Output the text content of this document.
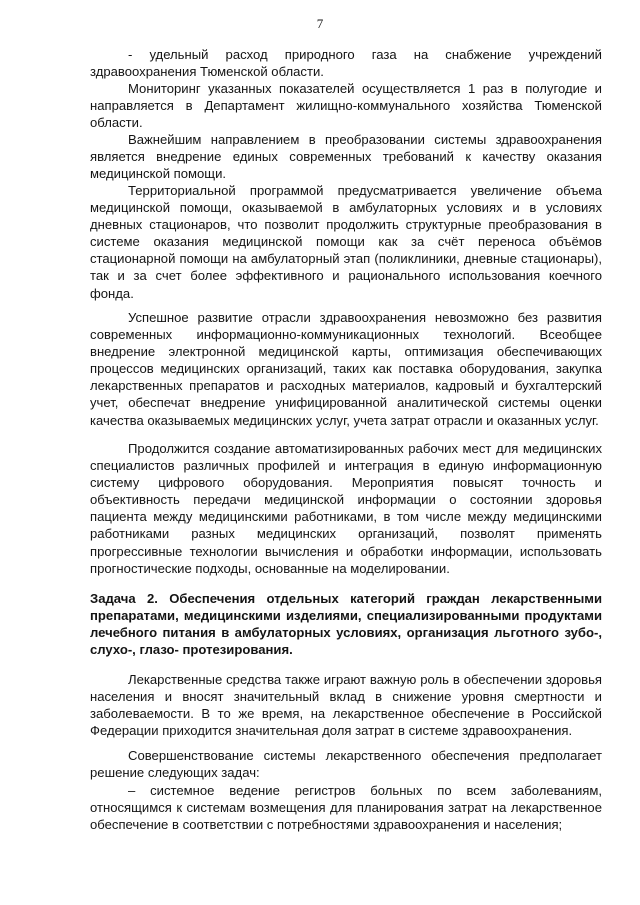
7

- удельный расход природного газа на снабжение учреждений здравоохранения Тюменской области.

Мониторинг указанных показателей осуществляется 1 раз в полугодие и направляется в Департамент жилищно-коммунального хозяйства Тюменской области.

Важнейшим направлением в преобразовании системы здравоохранения является внедрение единых современных требований к качеству оказания медицинской помощи.

Территориальной программой предусматривается увеличение объема медицинской помощи, оказываемой в амбулаторных условиях и в условиях дневных стационаров, что позволит продолжить структурные преобразования в системе оказания медицинской помощи как за счёт переноса объёмов стационарной помощи на амбулаторный этап (поликлиники, дневные стационары), так и за счет более эффективного и рационального использования коечного фонда.

Успешное развитие отрасли здравоохранения невозможно без развития современных информационно-коммуникационных технологий. Всеобщее внедрение электронной медицинской карты, оптимизация обеспечивающих процессов медицинских организаций, таких как поставка оборудования, закупка лекарственных препаратов и расходных материалов, кадровый и бухгалтерский учет, обеспечат внедрение унифицированной аналитической системы оценки качества оказываемых медицинских услуг, учета затрат отрасли и оказанных услуг.

Продолжится создание автоматизированных рабочих мест для медицинских специалистов различных профилей и интеграция в единую информационную систему цифрового оборудования. Мероприятия повысят точность и объективность передачи медицинской информации о состоянии здоровья пациента между медицинскими работниками, в том числе между медицинскими работниками разных медицинских организаций, позволят применять прогрессивные технологии вычисления и обработки информации, использовать прогностические подходы, основанные на моделировании.

Задача 2. Обеспечения отдельных категорий граждан лекарственными препаратами, медицинскими изделиями, специализированными продуктами лечебного питания в амбулаторных условиях, организация льготного зубо-, слухо-, глазо- протезирования.

Лекарственные средства также играют важную роль в обеспечении здоровья населения и вносят значительный вклад в снижение уровня смертности и заболеваемости. В то же время, на лекарственное обеспечение в Российской Федерации приходится значительная доля затрат в системе здравоохранения.

Совершенствование системы лекарственного обеспечения предполагает решение следующих задач:

– системное ведение регистров больных по всем заболеваниям, относящимся к системам возмещения для планирования затрат на лекарственное обеспечение в соответствии с потребностями здравоохранения и населения;
